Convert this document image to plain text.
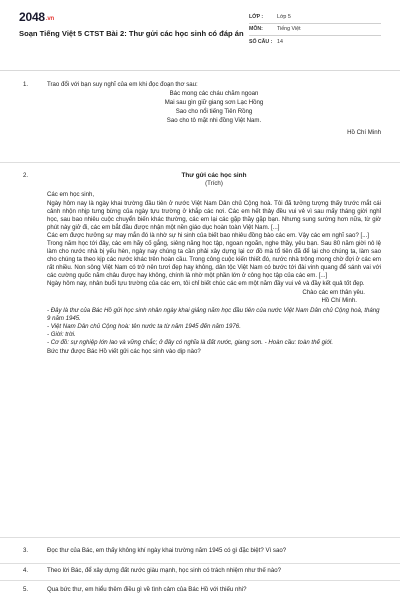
2048.vn
Soạn Tiếng Việt 5 CTST Bài 2: Thư gửi các học sinh có đáp án
LỚP :	Lớp 5
MÔN:	Tiếng Việt
SỐ CÂU : 14
1.	Trao đổi với bạn suy nghĩ của em khi đọc đoạn thơ sau:
Bác mong các cháu chăm ngoan
Mai sau gìn giữ giang sơn Lạc Hồng
Sao cho nổi tiếng Tiên Rồng
Sao cho tô mặt nhi đồng Việt Nam.
Hồ Chí Minh
2.	Thư gửi các học sinh
(Trích)

Các em học sinh,

Ngày hôm nay là ngày khai trường đầu tiên ở nước Việt Nam Dân chủ Cộng hoà. Tôi đã tưởng tượng thấy trước mắt cái cảnh nhộn nhịp tưng bừng của ngày tựu trường ở khắp các nơi. Các em hết thảy đều vui vẻ vì sau mấy tháng giời nghỉ học, sau bao nhiêu cuộc chuyển biến khác thường, các em lại các gặp thầy gặp bạn. Nhưng sung sướng hơn nữa, từ giờ phút này giở đi, các em bắt đầu được nhận một nền giáo dục hoàn toàn Việt Nam. [...]

Các em được hưởng sự may mắn đó là nhờ sự hi sinh của biết bao nhiêu đồng bào các em. Vậy các em nghĩ sao? [...]

Trong năm học tới đây, các em hãy cố gắng, siêng năng học tập, ngoan ngoãn, nghe thầy, yêu bạn. Sau 80 năm giời nô lệ làm cho nước nhà bị yếu hèn, ngày nay chúng ta cần phải xây dựng lại cơ đồ mà tổ tiên đã để lại cho chúng ta, làm sao cho chúng ta theo kịp các nước khác trên hoàn cầu. Trong công cuộc kiến thiết đó, nước nhà trông mong chờ đợi ở các em rất nhiều. Non sông Việt Nam có trở nên tươi đẹp hay không, dân tộc Việt Nam có bước tới đài vinh quang để sánh vai với các cường quốc năm châu được hay không, chính là nhờ một phần lớn ở công học tập của các em. [...]

Ngày hôm nay, nhân buổi tựu trường của các em, tôi chỉ biết chúc các em một năm đầy vui vẻ và đầy kết quả tốt đẹp.

Chào các em thân yêu.
Hồ Chí Minh.
- Đây là thư của Bác Hồ gửi học sinh nhân ngày khai giảng năm học đầu tiên của nước Việt Nam Dân chủ Cộng hoà, tháng 9 năm 1945.
- Việt Nam Dân chủ Cộng hoà: tên nước ta từ năm 1945 đến năm 1976.
- Giời: trời.
- Cơ đồ: sự nghiệp lớn lao và vững chắc; ở đây có nghĩa là đất nước, giang sơn. - Hoàn cầu: toàn thế giới.
Bức thư được Bác Hồ viết gửi các học sinh vào dịp nào?
3.	Đọc thư của Bác, em thấy không khí ngày khai trường năm 1945 có gì đặc biệt? Vì sao?
4.	Theo lời Bác, để xây dựng đất nước giàu mạnh, học sinh có trách nhiệm như thế nào?
5.	Qua bức thư, em hiểu thêm điều gì về tình cảm của Bác Hồ với thiếu nhi?
